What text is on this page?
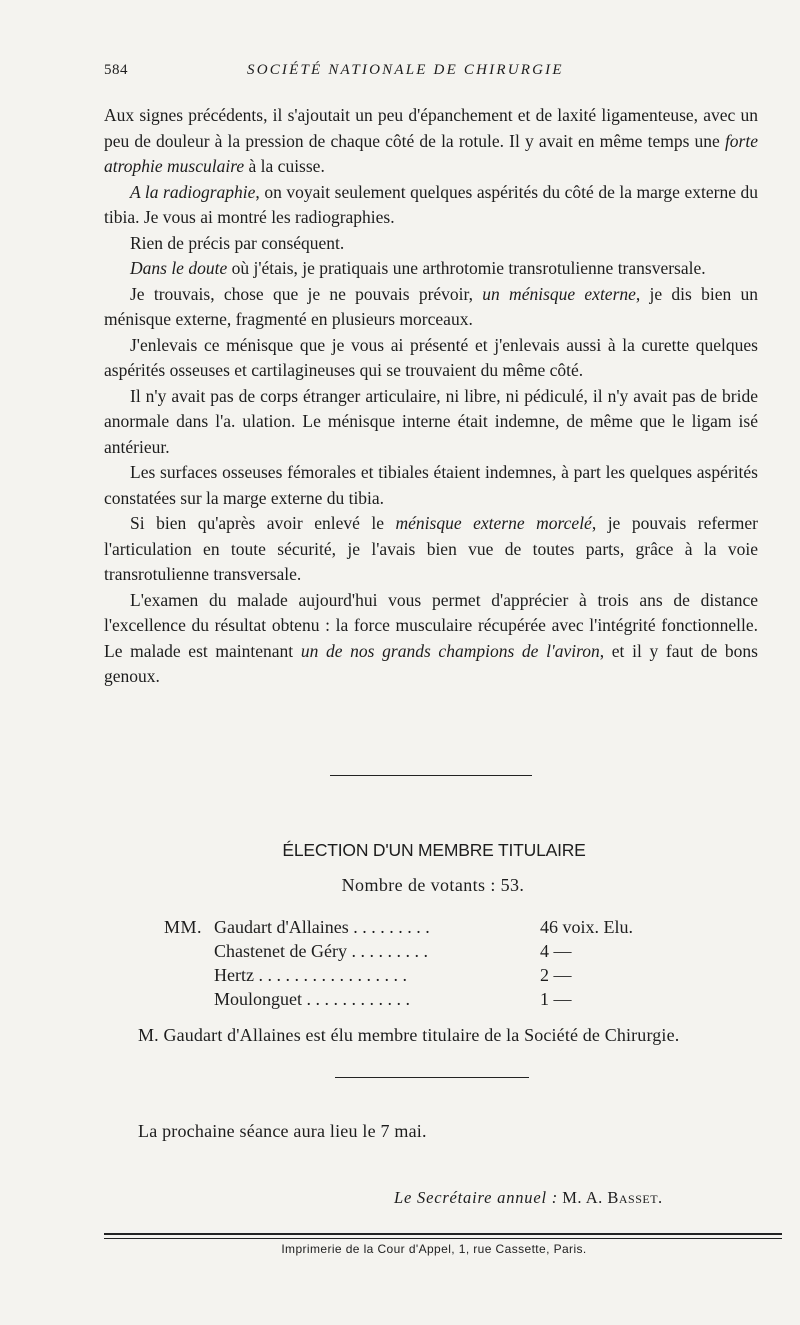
584	SOCIÉTÉ NATIONALE DE CHIRURGIE

Aux signes précédents, il s'ajoutait un peu d'épanchement et de laxité ligamenteuse, avec un peu de douleur à la pression de chaque côté de la rotule. Il y avait en même temps une forte atrophie musculaire à la cuisse.

A la radiographie, on voyait seulement quelques aspérités du côté de la marge externe du tibia. Je vous ai montré les radiographies.

Rien de précis par conséquent.

Dans le doute où j'étais, je pratiquais une arthrotomie transrotulienne transversale.

Je trouvais, chose que je ne pouvais prévoir, un ménisque externe, je dis bien un ménisque externe, fragmenté en plusieurs morceaux.

J'enlevais ce ménisque que je vous ai présenté et j'enlevais aussi à la curette quelques aspérités osseuses et cartilagineuses qui se trouvaient du même côté.

Il n'y avait pas de corps étranger articulaire, ni libre, ni pédiculé, il n'y avait pas de bride anormale dans l'a. ulation. Le ménisque interne était indemne, de même que le ligam isé antérieur.

Les surfaces osseuses fémorales et tibiales étaient indemnes, à part les quelques aspérités constatées sur la marge externe du tibia.

Si bien qu'après avoir enlevé le ménisque externe morcelé, je pouvais refermer l'articulation en toute sécurité, je l'avais bien vue de toutes parts, grâce à la voie transrotulienne transversale.

L'examen du malade aujourd'hui vous permet d'apprécier à trois ans de distance l'excellence du résultat obtenu : la force musculaire récupérée avec l'intégrité fonctionnelle. Le malade est maintenant un de nos grands champions de l'aviron, et il y faut de bons genoux.

ÉLECTION D'UN MEMBRE TITULAIRE
Nombre de votants : 53.
MM. Gaudart d'Allaines . . . . . . . . .	46 voix. Elu.
Chastenet de Géry . . . . . . . . .	4 —
Hertz . . . . . . . . . . . . . . . . .	2 —
Moulonguet . . . . . . . . . . . .	1 —
M. Gaudart d'Allaines est élu membre titulaire de la Société de Chirurgie.
La prochaine séance aura lieu le 7 mai.
Le Secrétaire annuel : M. A. Basset.
Imprimerie de la Cour d'Appel, 1, rue Cassette, Paris.
